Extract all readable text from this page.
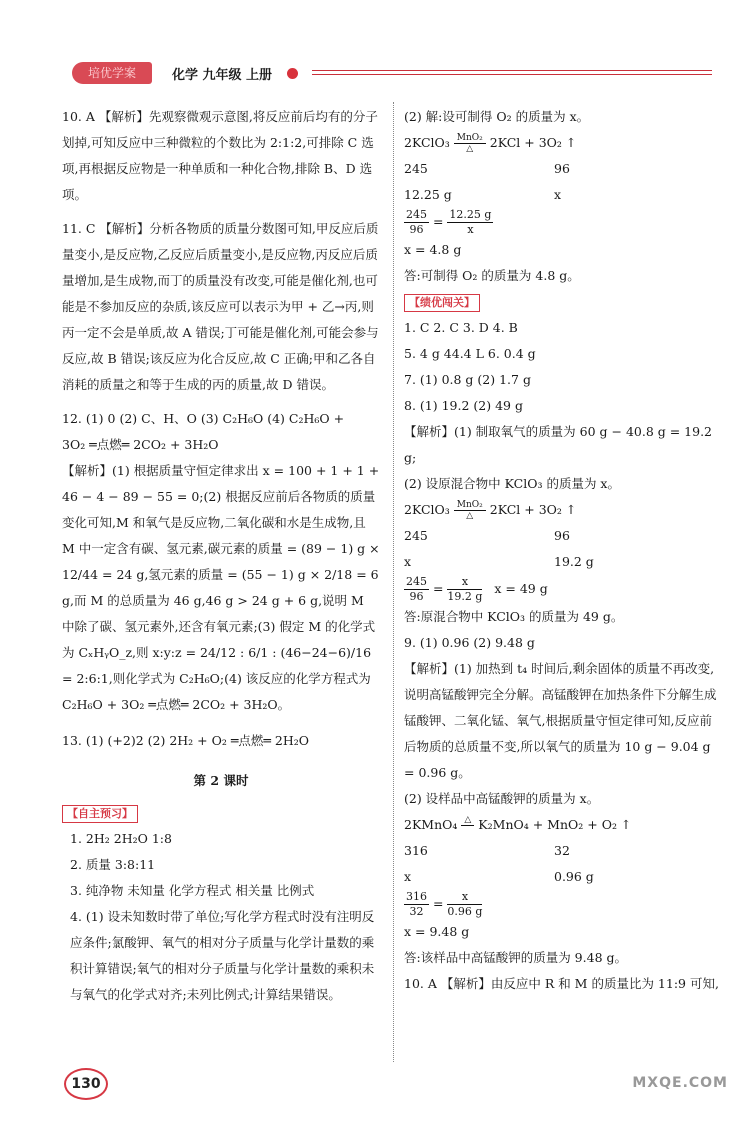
培优学案	化学 九年级 上册

10. A 【解析】先观察微观示意图,将反应前后均有的分子划掉,可知反应中三种微粒的个数比为 2:1:2,可排除 C 选项,再根据反应物是一种单质和一种化合物,排除 B、D 选项。

11. C 【解析】分析各物质的质量分数图可知,甲反应后质量变小,是反应物,乙反应后质量变小,是反应物,丙反应后质量增加,是生成物,而丁的质量没有改变,可能是催化剂,也可能是不参加反应的杂质,该反应可以表示为甲 + 乙→丙,则丙一定不会是单质,故 A 错误;丁可能是催化剂,可能会参与反应,故 B 错误;该反应为化合反应,故 C 正确;甲和乙各自消耗的质量之和等于生成的丙的质量,故 D 错误。

12. (1) 0 (2) C、H、O (3) C₂H₆O (4) C₂H₆O +

3O₂ ═点燃═ 2CO₂ + 3H₂O

【解析】(1) 根据质量守恒定律求出 x = 100 + 1 + 1 + 46 − 4 − 89 − 55 = 0;(2) 根据反应前后各物质的质量变化可知,M 和氧气是反应物,二氧化碳和水是生成物,且 M 中一定含有碳、氢元素,碳元素的质量 = (89 − 1) g × 12/44 = 24 g,氢元素的质量 = (55 − 1) g × 2/18 = 6 g,而 M 的总质量为 46 g,46 g > 24 g + 6 g,说明 M 中除了碳、氢元素外,还含有氧元素;(3) 假定 M 的化学式为 CₓHᵧO_z,则 x:y:z = 24/12 : 6/1 : (46−24−6)/16 = 2:6:1,则化学式为 C₂H₆O;(4) 该反应的化学方程式为 C₂H₆O + 3O₂ ═点燃═ 2CO₂ + 3H₂O。

13. (1) (+2)2 (2) 2H₂ + O₂ ═点燃═ 2H₂O

第 2 课时

【自主预习】

1. 2H₂ 2H₂O 1:8

2. 质量 3:8:11

3. 纯净物 未知量 化学方程式 相关量 比例式

4. (1) 设未知数时带了单位;写化学方程式时没有注明反应条件;氯酸钾、氧气的相对分子质量与化学计量数的乘积计算错误;氧气的相对分子质量与化学计量数的乘积未与氧气的化学式对齐;未列比例式;计算结果错误。

(2) 解:设可制得 O₂ 的质量为 x。

2KClO₃ MnO₂
△	2KCl + 3O₂ ↑

245	96
12.25 g	x

$\frac{245}{96} = \frac{12.25 g}{x}$

x = 4.8 g

答:可制得 O₂ 的质量为 4.8 g。

【绩优闯关】

1. C 2. C 3. D 4. B

5. 4 g 44.4 L 6. 0.4 g

7. (1) 0.8 g (2) 1.7 g

8. (1) 19.2 (2) 49 g

【解析】(1) 制取氧气的质量为 60 g − 40.8 g = 19.2 g;

(2) 设原混合物中 KClO₃ 的质量为 x。

2KClO₃ MnO₂
△	2KCl + 3O₂ ↑

245	96
x	19.2 g

$\frac{245}{96} = \frac{x}{19.2 g}$ x = 49 g

答:原混合物中 KClO₃ 的质量为 49 g。

9. (1) 0.96 (2) 9.48 g

【解析】(1) 加热到 t₄ 时间后,剩余固体的质量不再改变,说明高锰酸钾完全分解。高锰酸钾在加热条件下分解生成锰酸钾、二氧化锰、氧气,根据质量守恒定律可知,反应前后物质的总质量不变,所以氧气的质量为 10 g − 9.04 g = 0.96 g。

(2) 设样品中高锰酸钾的质量为 x。

2KMnO₄ △
K₂MnO₄ + MnO₂ + O₂ ↑

316	32
x	0.96 g

$\frac{316}{32} = \frac{x}{0.96 g}$

x = 9.48 g

答:该样品中高锰酸钾的质量为 9.48 g。

10. A 【解析】由反应中 R 和 M 的质量比为 11:9 可知,

130	MXQE.COM
